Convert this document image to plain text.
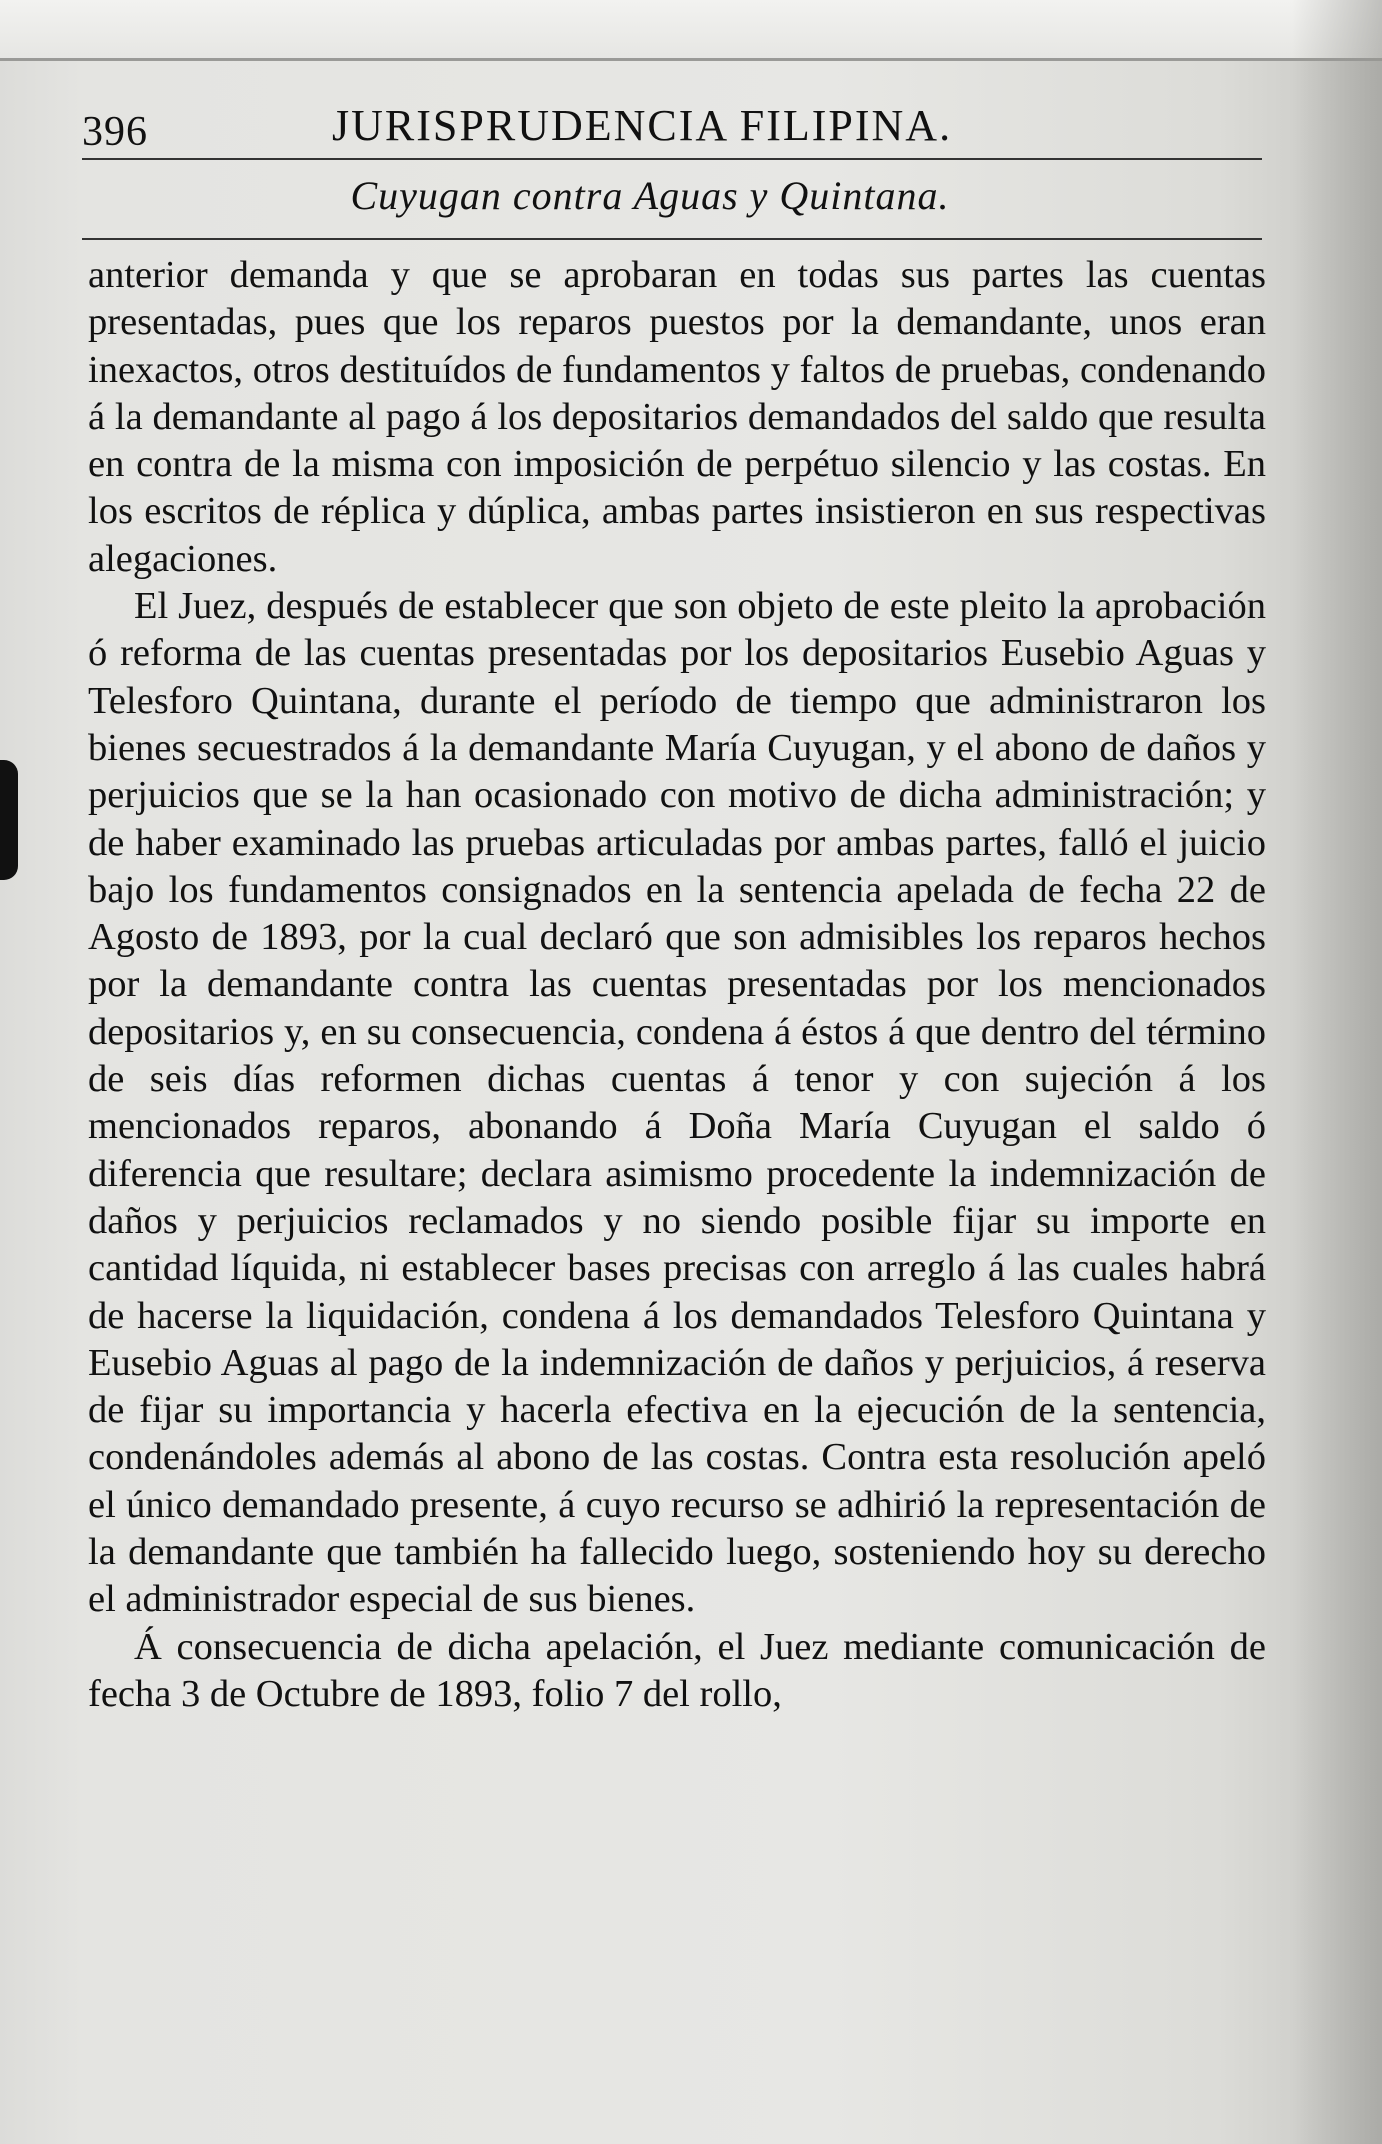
396	JURISPRUDENCIA FILIPINA.
Cuyugan contra Aguas y Quintana.

anterior demanda y que se aprobaran en todas sus partes las cuentas presentadas, pues que los reparos puestos por la demandante, unos eran inexactos, otros destituídos de fundamentos y faltos de pruebas, condenando á la demandante al pago á los depositarios demandados del saldo que resulta en contra de la misma con imposición de perpétuo silencio y las costas. En los escritos de réplica y dúplica, ambas partes insistieron en sus respectivas alegaciones.

El Juez, después de establecer que son objeto de este pleito la aprobación ó reforma de las cuentas presentadas por los depositarios Eusebio Aguas y Telesforo Quintana, durante el período de tiempo que administraron los bienes secuestrados á la demandante María Cuyugan, y el abono de daños y perjuicios que se la han ocasionado con motivo de dicha administración; y de haber examinado las pruebas articuladas por ambas partes, falló el juicio bajo los fundamentos consignados en la sentencia apelada de fecha 22 de Agosto de 1893, por la cual declaró que son admisibles los reparos hechos por la demandante contra las cuentas presentadas por los mencionados depositarios y, en su consecuencia, condena á éstos á que dentro del término de seis días reformen dichas cuentas á tenor y con sujeción á los mencionados reparos, abonando á Doña María Cuyugan el saldo ó diferencia que resultare; declara asimismo procedente la indemnización de daños y perjuicios reclamados y no siendo posible fijar su importe en cantidad líquida, ni establecer bases precisas con arreglo á las cuales habrá de hacerse la liquidación, condena á los demandados Telesforo Quintana y Eusebio Aguas al pago de la indemnización de daños y perjuicios, á reserva de fijar su importancia y hacerla efectiva en la ejecución de la sentencia, condenándoles además al abono de las costas. Contra esta resolución apeló el único demandado presente, á cuyo recurso se adhirió la representación de la demandante que también ha fallecido luego, sosteniendo hoy su derecho el administrador especial de sus bienes.

Á consecuencia de dicha apelación, el Juez mediante comunicación de fecha 3 de Octubre de 1893, folio 7 del rollo,
